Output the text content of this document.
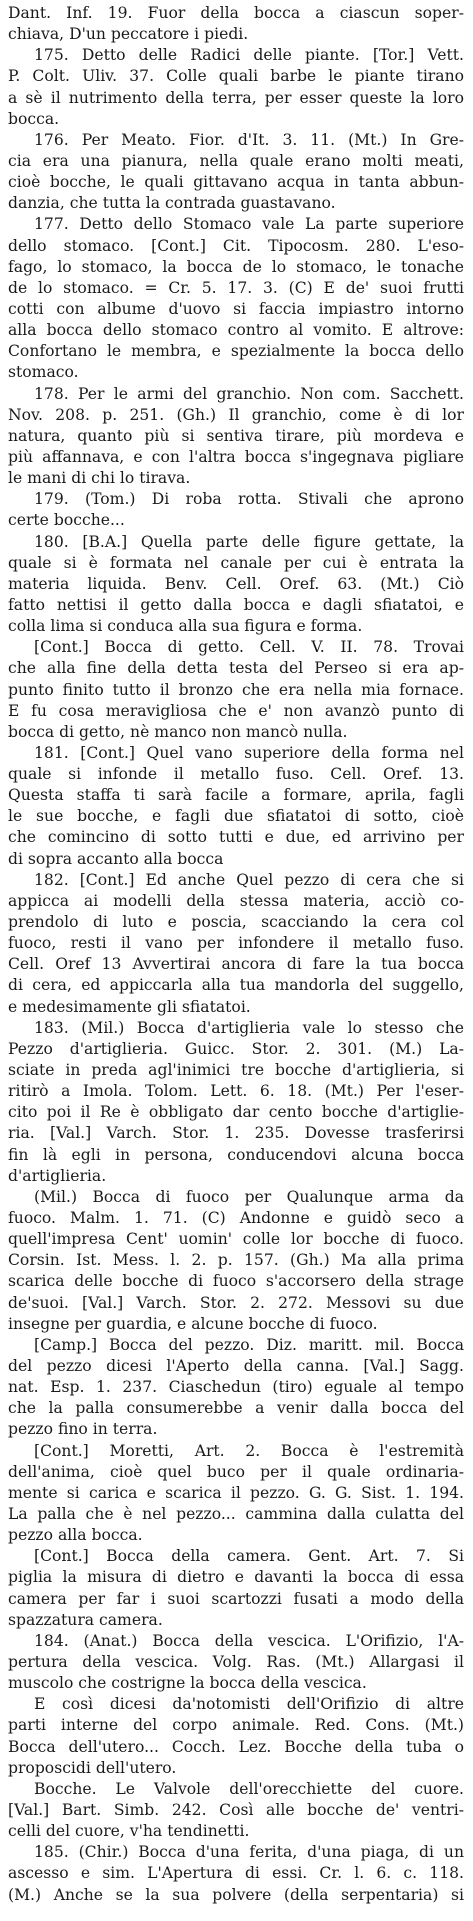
Dant. Inf. 19. Fuor della bocca a ciascun soper-
chiava, D'un peccatore i piedi.
175. Detto delle Radici delle piante. [Tor.] Vett.
P. Colt. Uliv. 37. Colle quali barbe le piante tirano
a sè il nutrimento della terra, per esser queste la loro
bocca.
176. Per Meato. Fior. d'It. 3. 11. (Mt.) In Gre-
cia era una pianura, nella quale erano molti meati,
cioè bocche, le quali gittavano acqua in tanta abbun-
danzia, che tutta la contrada guastavano.
177. Detto dello Stomaco vale La parte superiore
dello stomaco. [Cont.] Cit. Tipocosm. 280. L'eso-
fago, lo stomaco, la bocca de lo stomaco, le tonache
de lo stomaco. = Cr. 5. 17. 3. (C) E de' suoi frutti
cotti con albume d'uovo si faccia impiastro intorno
alla bocca dello stomaco contro al vomito. E altrove:
Confortano le membra, e spezialmente la bocca dello
stomaco.
178. Per le armi del granchio. Non com. Sacchett.
Nov. 208. p. 251. (Gh.) Il granchio, come è di lor
natura, quanto più si sentiva tirare, più mordeva e
più affannava, e con l'altra bocca s'ingegnava pigliare
le mani di chi lo tirava.
179. (Tom.) Di roba rotta. Stivali che aprono
certe bocche...
180. [B.A.] Quella parte delle figure gettate, la
quale si è formata nel canale per cui è entrata la
materia liquida. Benv. Cell. Oref. 63. (Mt.) Ciò
fatto nettisi il getto dalla bocca e dagli sfiatatoi, e
colla lima si conduca alla sua figura e forma.
[Cont.] Bocca di getto. Cell. V. II. 78. Trovai
che alla fine della detta testa del Perseo si era ap-
punto finito tutto il bronzo che era nella mia fornace.
E fu cosa meravigliosa che e' non avanzò punto di
bocca di getto, nè manco non mancò nulla.
181. [Cont.] Quel vano superiore della forma nel
quale si infonde il metallo fuso. Cell. Oref. 13.
Questa staffa ti sarà facile a formare, aprila, fagli
le sue bocche, e fagli due sfiatatoi di sotto, cioè
che comincino di sotto tutti e due, ed arrivino per
di sopra accanto alla bocca
182. [Cont.] Ed anche Quel pezzo di cera che si
appicca ai modelli della stessa materia, acciò co-
prendolo di luto e poscia, scacciando la cera col
fuoco, resti il vano per infondere il metallo fuso.
Cell. Oref 13 Avvertirai ancora di fare la tua bocca
di cera, ed appiccarla alla tua mandorla del suggello,
e medesimamente gli sfiatatoi.
183. (Mil.) Bocca d'artiglieria vale lo stesso che
Pezzo d'artiglieria. Guicc. Stor. 2. 301. (M.) La-
sciate in preda agl'inimici tre bocche d'artiglieria, si
ritirò a Imola. Tolom. Lett. 6. 18. (Mt.) Per l'eser-
cito poi il Re è obbligato dar cento bocche d'artiglie-
ria. [Val.] Varch. Stor. 1. 235. Dovesse trasferirsi
fin là egli in persona, conducendovi alcuna bocca
d'artiglieria.
(Mil.) Bocca di fuoco per Qualunque arma da
fuoco. Malm. 1. 71. (C) Andonne e guidò seco a
quell'impresa Cent' uomin' colle lor bocche di fuoco.
Corsin. Ist. Mess. l. 2. p. 157. (Gh.) Ma alla prima
scarica delle bocche di fuoco s'accorsero della strage
de'suoi. [Val.] Varch. Stor. 2. 272. Messovi su due
insegne per guardia, e alcune bocche di fuoco.
[Camp.] Bocca del pezzo. Diz. maritt. mil. Bocca
del pezzo dicesi l'Aperto della canna. [Val.] Sagg.
nat. Esp. 1. 237. Ciaschedun (tiro) eguale al tempo
che la palla consumerebbe a venir dalla bocca del
pezzo fino in terra.
[Cont.] Moretti, Art. 2. Bocca è l'estremità
dell'anima, cioè quel buco per il quale ordinaria-
mente si carica e scarica il pezzo. G. G. Sist. 1. 194.
La palla che è nel pezzo... cammina dalla culatta del
pezzo alla bocca.
[Cont.] Bocca della camera. Gent. Art. 7. Si
piglia la misura di dietro e davanti la bocca di essa
camera per far i suoi scartozzi fusati a modo della
spazzatura camera.
184. (Anat.) Bocca della vescica. L'Orifizio, l'A-
pertura della vescica. Volg. Ras. (Mt.) Allargasi il
muscolo che costrigne la bocca della vescica.
E così dicesi da'notomisti dell'Orifizio di altre
parti interne del corpo animale. Red. Cons. (Mt.)
Bocca dell'utero... Cocch. Lez. Bocche della tuba o
proposcidi dell'utero.
Bocche. Le Valvole dell'orecchiette del cuore.
[Val.] Bart. Simb. 242. Così alle bocche de' ventri-
celli del cuore, v'ha tendinetti.
185. (Chir.) Bocca d'una ferita, d'una piaga, di un
ascesso e sim. L'Apertura di essi. Cr. l. 6. c. 118.
(M.) Anche se la sua polvere (della serpentaria) si
